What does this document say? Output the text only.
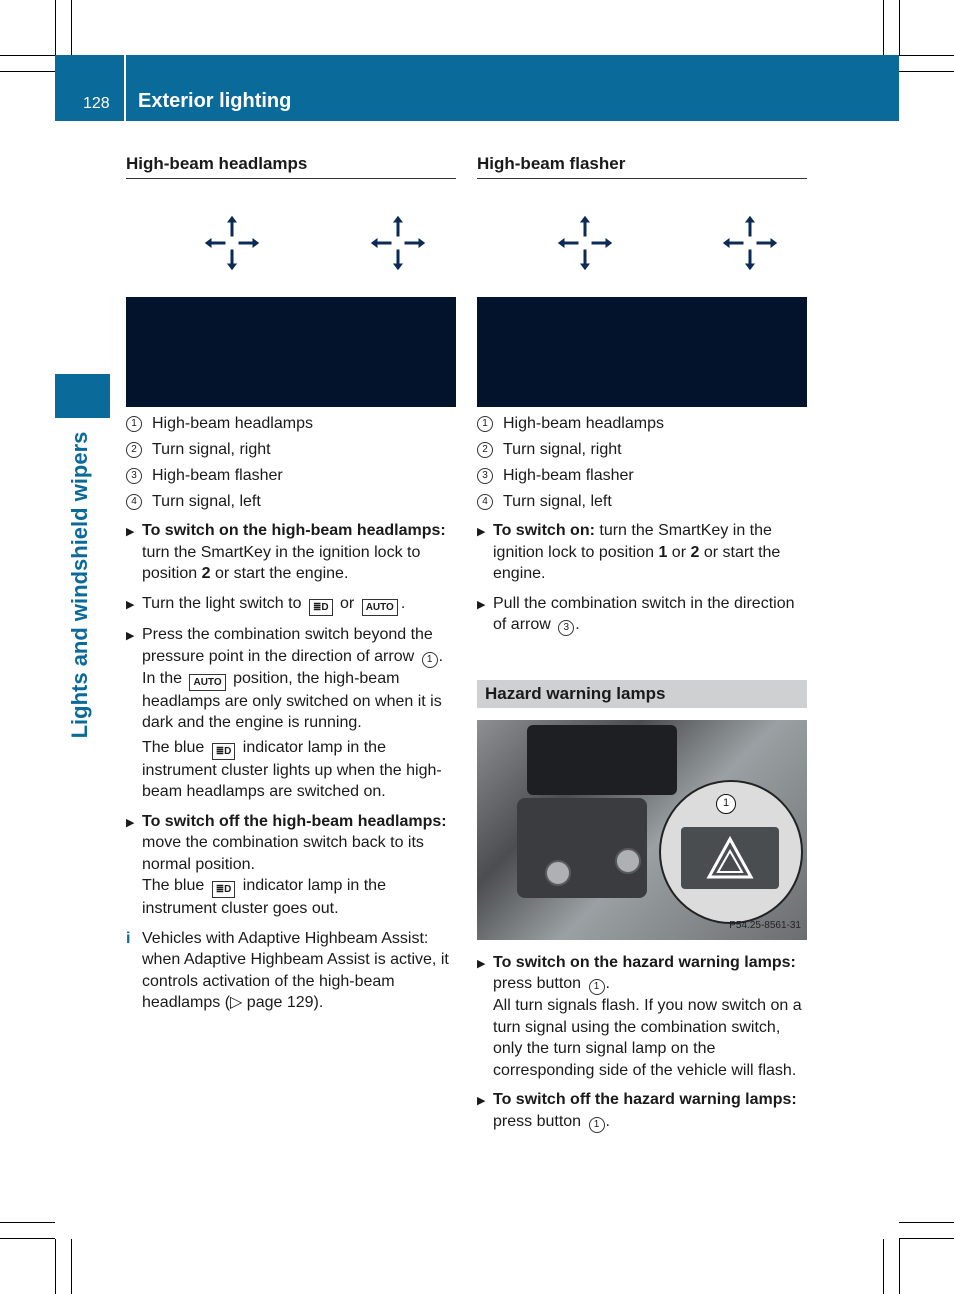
128 Exterior lighting
Lights and windshield wipers
High-beam headlamps
1 High-beam headlamps
2 Turn signal, right
3 High-beam flasher
4 Turn signal, left
▶ To switch on the high-beam headlamps: turn the SmartKey in the ignition lock to position 2 or start the engine.
▶ Turn the light switch to ≣D or AUTO .
▶ Press the combination switch beyond the pressure point in the direction of arrow 1 .
In the AUTO position, the high-beam headlamps are only switched on when it is dark and the engine is running.
The blue ≣D indicator lamp in the instrument cluster lights up when the high-beam headlamps are switched on.
▶ To switch off the high-beam headlamps: move the combination switch back to its normal position.
The blue ≣D indicator lamp in the instrument cluster goes out.
i Vehicles with Adaptive Highbeam Assist: when Adaptive Highbeam Assist is active, it controls activation of the high-beam headlamps (▷ page 129).
High-beam flasher
1 High-beam headlamps
2 Turn signal, right
3 High-beam flasher
4 Turn signal, left
▶ To switch on: turn the SmartKey in the ignition lock to position 1 or 2 or start the engine.
▶ Pull the combination switch in the direction of arrow 3 .
Hazard warning lamps
1
P54.25-8561-31
▶ To switch on the hazard warning lamps: press button 1 .
All turn signals flash. If you now switch on a turn signal using the combination switch, only the turn signal lamp on the corresponding side of the vehicle will flash.
▶ To switch off the hazard warning lamps: press button 1 .
